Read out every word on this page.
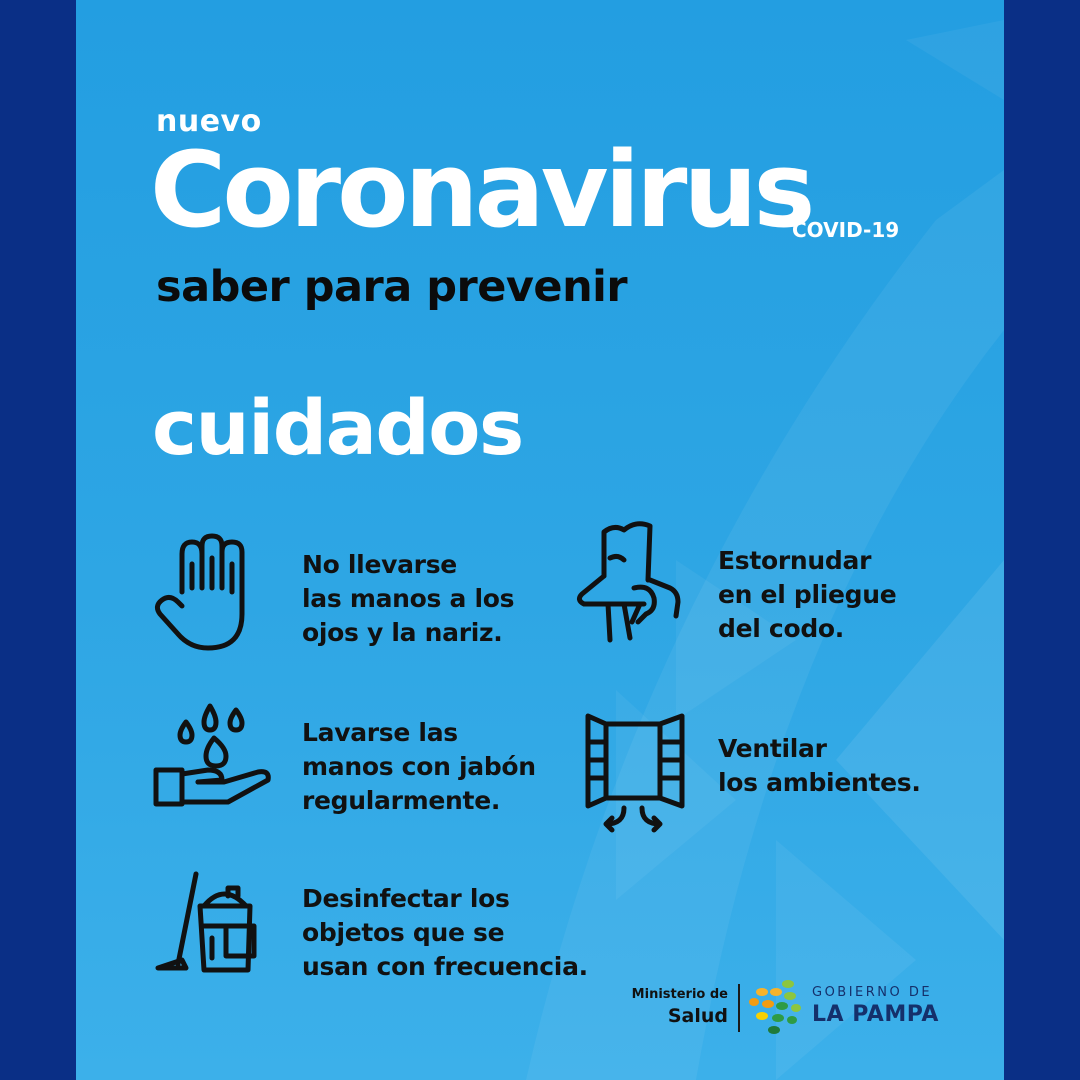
nuevo
Coronavirus
COVID-19
saber para prevenir
cuidados

No llevarse
las manos a los
ojos y la nariz.

Estornudar
en el pliegue
del codo.

Lavarse las
manos con jabón
regularmente.

Ventilar
los ambientes.

Desinfectar los
objetos que se
usan con frecuencia.

Ministerio de
Salud
GOBIERNO DE
LA PAMPA
